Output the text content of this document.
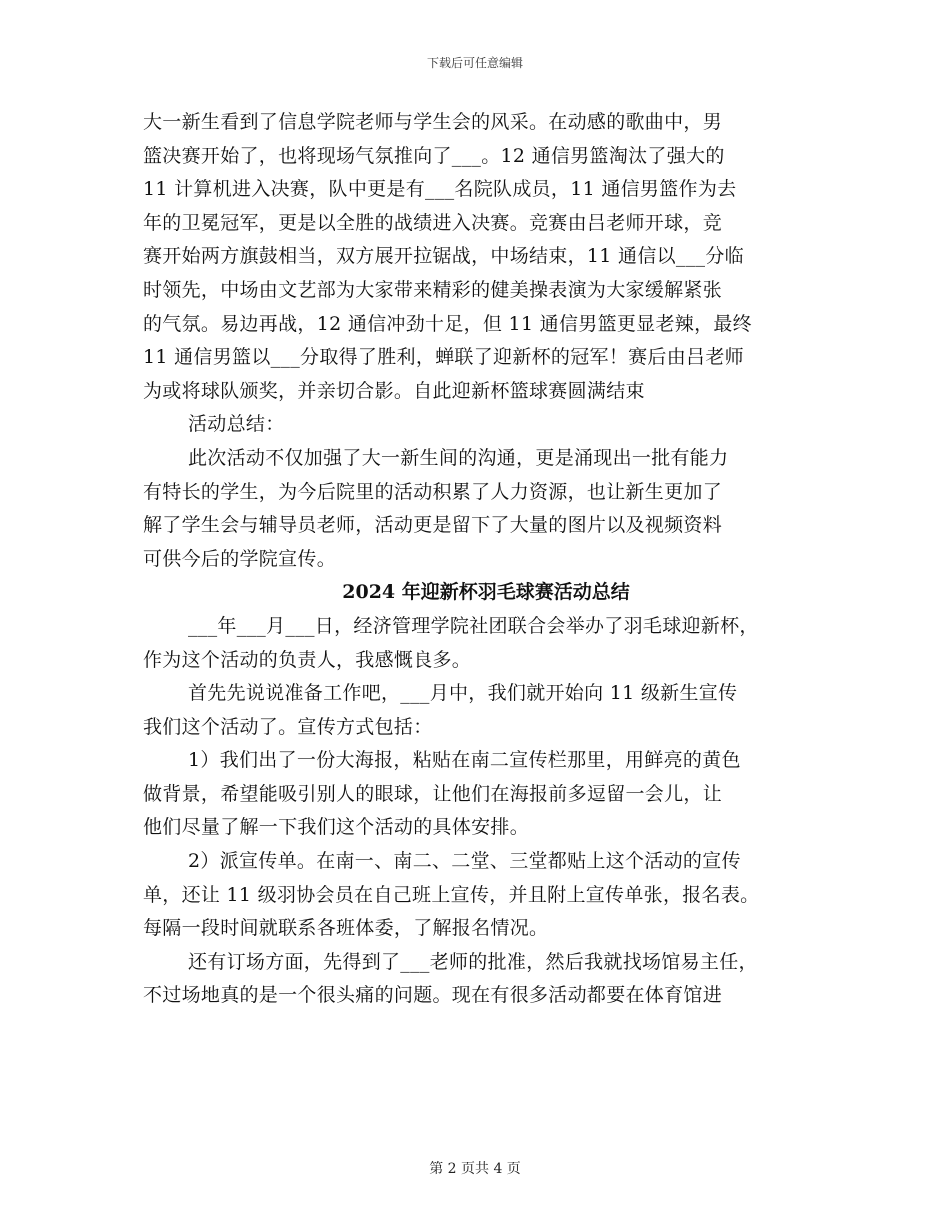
下载后可任意编辑
大一新生看到了信息学院老师与学生会的风采。在动感的歌曲中，男
篮决赛开始了，也将现场气氛推向了___。12 通信男篮淘汰了强大的
11 计算机进入决赛，队中更是有___名院队成员，11 通信男篮作为去
年的卫冕冠军，更是以全胜的战绩进入决赛。竞赛由吕老师开球，竞
赛开始两方旗鼓相当，双方展开拉锯战，中场结束，11 通信以___分临
时领先，中场由文艺部为大家带来精彩的健美操表演为大家缓解紧张
的气氛。易边再战，12 通信冲劲十足，但 11 通信男篮更显老辣，最终
11 通信男篮以___分取得了胜利，蝉联了迎新杯的冠军！赛后由吕老师
为或将球队颁奖，并亲切合影。自此迎新杯篮球赛圆满结束
活动总结：
此次活动不仅加强了大一新生间的沟通，更是涌现出一批有能力
有特长的学生，为今后院里的活动积累了人力资源，也让新生更加了
解了学生会与辅导员老师，活动更是留下了大量的图片以及视频资料
可供今后的学院宣传。
2024 年迎新杯羽毛球赛活动总结
___年___月___日，经济管理学院社团联合会举办了羽毛球迎新杯，
作为这个活动的负责人，我感慨良多。
首先先说说准备工作吧，___月中，我们就开始向 11 级新生宣传
我们这个活动了。宣传方式包括：
1）我们出了一份大海报，粘贴在南二宣传栏那里，用鲜亮的黄色
做背景，希望能吸引别人的眼球，让他们在海报前多逗留一会儿，让
他们尽量了解一下我们这个活动的具体安排。
2）派宣传单。在南一、南二、二堂、三堂都贴上这个活动的宣传
单，还让 11 级羽协会员在自己班上宣传，并且附上宣传单张，报名表。
每隔一段时间就联系各班体委，了解报名情况。
还有订场方面，先得到了___老师的批准，然后我就找场馆易主任，
不过场地真的是一个很头痛的问题。现在有很多活动都要在体育馆进
第 2 页共 4 页
